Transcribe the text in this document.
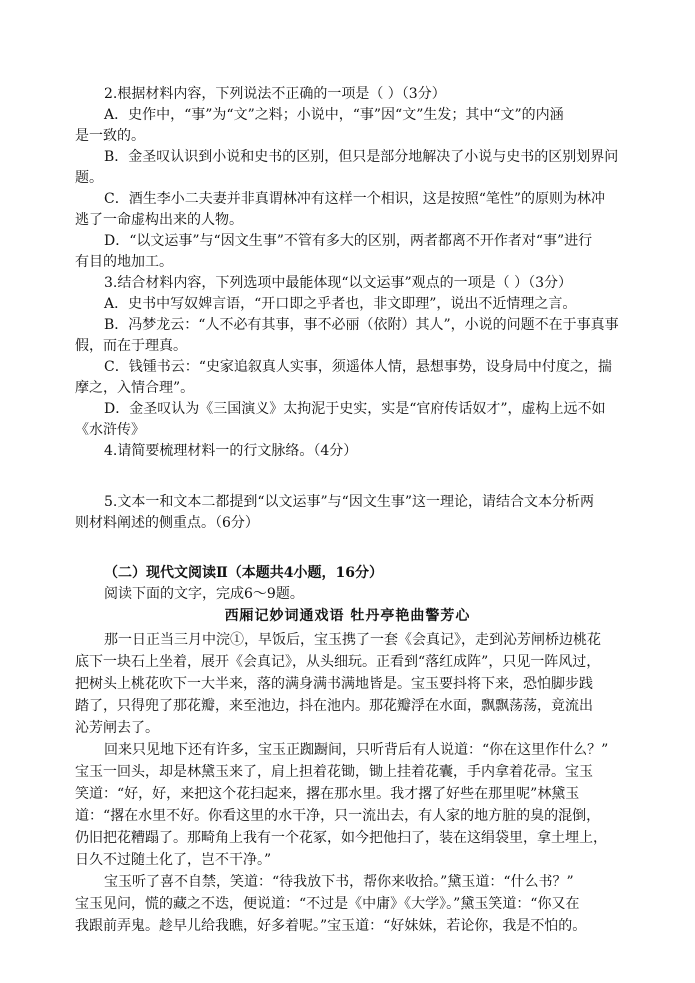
2.根据材料内容，下列说法不正确的一项是（ ）（3分）
A．史作中，“事”为“文”之料；小说中，“事”因“文”生发；其中“文”的内涵
是一致的。
B．金圣叹认识到小说和史书的区别，但只是部分地解决了小说与史书的区别划界问
题。
C．酒生李小二夫妻并非真谓林冲有这样一个相识，这是按照“笔性”的原则为林冲
逃了一命虚构出来的人物。
D．“以文运事”与“因文生事”不管有多大的区别，两者都离不开作者对“事”进行
有目的地加工。
3.结合材料内容，下列选项中最能体现“以文运事”观点的一项是（ ）（3分）
A．史书中写奴婢言语，“开口即之乎者也，非文即理”，说出不近情理之言。
B．冯梦龙云：“人不必有其事，事不必丽（依附）其人”，小说的问题不在于事真事
假，而在于理真。
C．钱锺书云：“史家追叙真人实事，须遥体人情，悬想事势，设身局中付度之，揣
摩之，入情合理”。
D．金圣叹认为《三国演义》太拘泥于史实，实是“官府传话奴才”，虚构上远不如
《水浒传》
4.请简要梳理材料一的行文脉络。（4分）
5.文本一和文本二都提到“以文运事”与“因文生事”这一理论，请结合文本分析两
则材料阐述的侧重点。（6分）
（二）现代文阅读Ⅱ（本题共4小题，16分）
阅读下面的文字，完成6～9题。
西厢记妙词通戏语 牡丹亭艳曲警芳心
那一日正当三月中浣①，早饭后，宝玉携了一套《会真记》，走到沁芳闸桥边桃花
底下一块石上坐着，展开《会真记》，从头细玩。正看到“落红成阵”，只见一阵风过，
把树头上桃花吹下一大半来，落的满身满书满地皆是。宝玉要抖将下来，恐怕脚步践
踏了，只得兜了那花瓣，来至池边，抖在池内。那花瓣浮在水面，飘飘荡荡，竟流出
沁芳闸去了。
回来只见地下还有许多，宝玉正踟蹰间，只听背后有人说道：“你在这里作什么？”
宝玉一回头，却是林黛玉来了，肩上担着花锄，锄上挂着花囊，手内拿着花帚。宝玉
笑道：“好，好，来把这个花扫起来，撂在那水里。我才撂了好些在那里呢”林黛玉
道：“撂在水里不好。你看这里的水干净，只一流出去，有人家的地方脏的臭的混倒，
仍旧把花糟蹋了。那畸角上我有一个花冢，如今把他扫了，装在这绢袋里，拿土埋上，
日久不过随土化了，岂不干净。”
宝玉听了喜不自禁，笑道：“待我放下书，帮你来收拾。”黛玉道：“什么书？”
宝玉见问，慌的藏之不迭，便说道：“不过是《中庸》《大学》。”黛玉笑道：“你又在
我跟前弄鬼。趁早儿给我瞧，好多着呢。”宝玉道：“好妹妹，若论你，我是不怕的。
